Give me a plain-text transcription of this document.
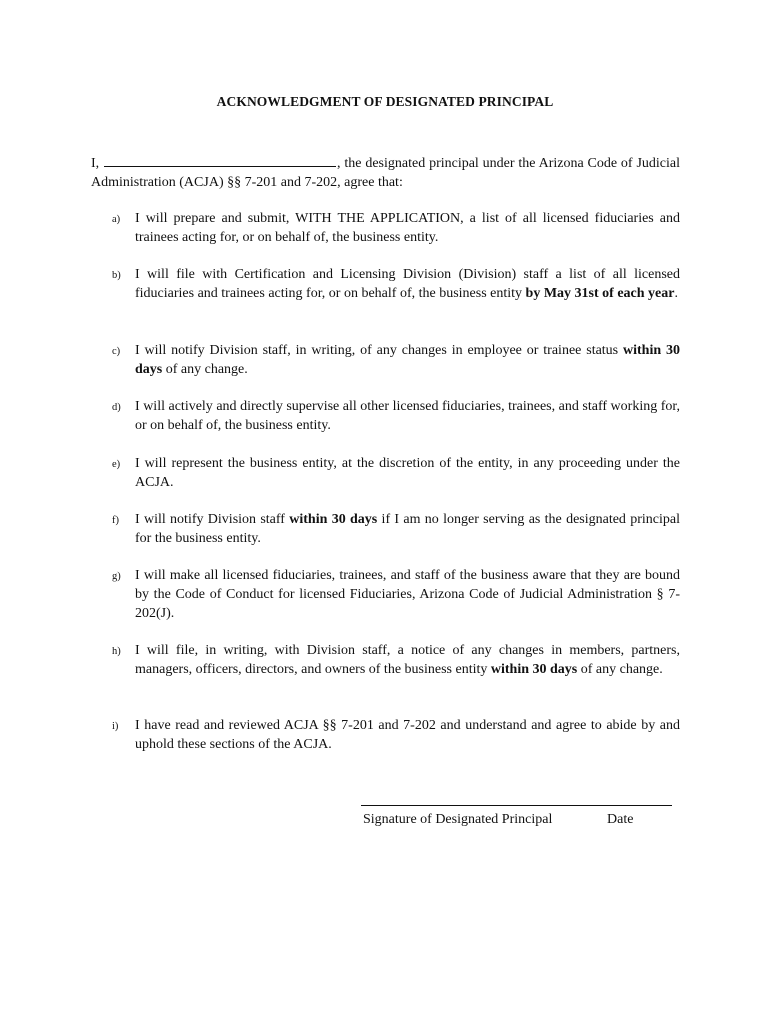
ACKNOWLEDGMENT OF DESIGNATED PRINCIPAL
I,	, the designated principal under the Arizona Code of Judicial Administration (ACJA) §§ 7-201 and 7-202, agree that:
a)	I will prepare and submit, WITH THE APPLICATION, a list of all licensed fiduciaries and trainees acting for, or on behalf of, the business entity.
b)	I will file with Certification and Licensing Division (Division) staff a list of all licensed fiduciaries and trainees acting for, or on behalf of, the business entity by May 31st of each year.
c)	I will notify Division staff, in writing, of any changes in employee or trainee status within 30 days of any change.
d)	I will actively and directly supervise all other licensed fiduciaries, trainees, and staff working for, or on behalf of, the business entity.
e)	I will represent the business entity, at the discretion of the entity, in any proceeding under the ACJA.
f)	I will notify Division staff within 30 days if I am no longer serving as the designated principal for the business entity.
g)	I will make all licensed fiduciaries, trainees, and staff of the business aware that they are bound by the Code of Conduct for licensed Fiduciaries, Arizona Code of Judicial Administration § 7-202(J).
h)	I will file, in writing, with Division staff, a notice of any changes in members, partners, managers, officers, directors, and owners of the business entity within 30 days of any change.
i)	I have read and reviewed ACJA §§ 7-201 and 7-202 and understand and agree to abide by and uphold these sections of the ACJA.
Signature of Designated Principal	Date
